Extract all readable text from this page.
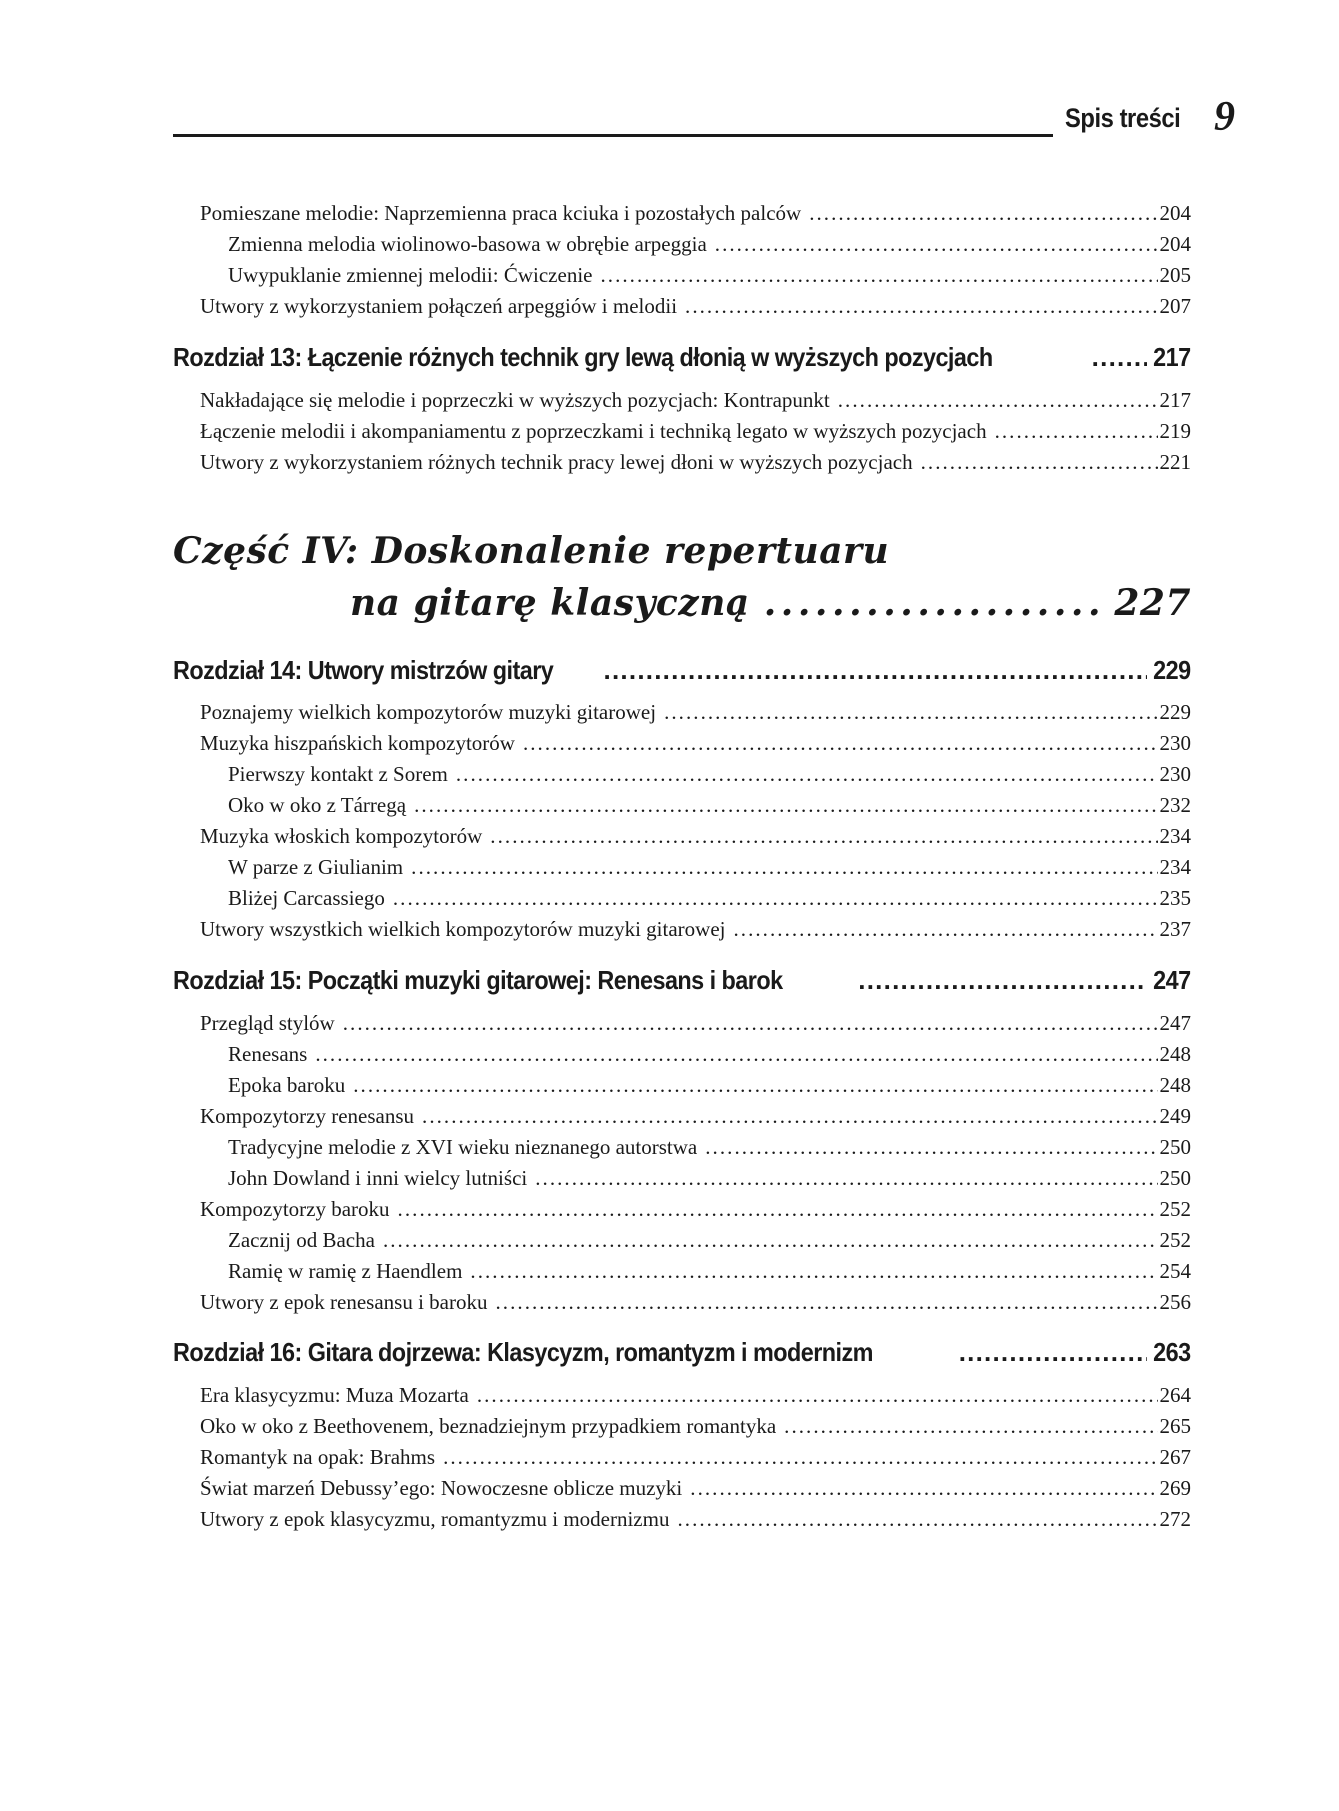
Spis treści 9
Pomieszane melodie: Naprzemienna praca kciuka i pozostałych palców . . .	204
Zmienna melodia wiolinowo-basowa w obrębie arpeggia . . .	204
Uwypuklanie zmiennej melodii: Ćwiczenie . . .	205
Utwory z wykorzystaniem połączeń arpeggiów i melodii . . .	207
Rozdział 13: Łączenie różnych technik gry lewą dłonią w wyższych pozycjach . . .	217
Nakładające się melodie i poprzeczki w wyższych pozycjach: Kontrapunkt . . .	217
Łączenie melodii i akompaniamentu z poprzeczkami i techniką legato w wyższych pozycjach . . .	219
Utwory z wykorzystaniem różnych technik pracy lewej dłoni w wyższych pozycjach . . .	221
Część IV: Doskonalenie repertuaru
na gitarę klasyczną . . .	227
Rozdział 14: Utwory mistrzów gitary . . .	229
Poznajemy wielkich kompozytorów muzyki gitarowej . . .	229
Muzyka hiszpańskich kompozytorów . . .	230
Pierwszy kontakt z Sorem . . .	230
Oko w oko z Tárregą . . .	232
Muzyka włoskich kompozytorów . . .	234
W parze z Giulianim . . .	234
Bliżej Carcassiego . . .	235
Utwory wszystkich wielkich kompozytorów muzyki gitarowej . . .	237
Rozdział 15: Początki muzyki gitarowej: Renesans i barok . . .	247
Przegląd stylów . . .	247
Renesans . . .	248
Epoka baroku . . .	248
Kompozytorzy renesansu . . .	249
Tradycyjne melodie z XVI wieku nieznanego autorstwa . . .	250
John Dowland i inni wielcy lutniści . . .	250
Kompozytorzy baroku . . .	252
Zacznij od Bacha . . .	252
Ramię w ramię z Haendlem . . .	254
Utwory z epok renesansu i baroku . . .	256
Rozdział 16: Gitara dojrzewa: Klasycyzm, romantyzm i modernizm . . .	263
Era klasycyzmu: Muza Mozarta . . .	264
Oko w oko z Beethovenem, beznadziejnym przypadkiem romantyka . . .	265
Romantyk na opak: Brahms . . .	267
Świat marzeń Debussy’ego: Nowoczesne oblicze muzyki . . .	269
Utwory z epok klasycyzmu, romantyzmu i modernizmu . . .	272
